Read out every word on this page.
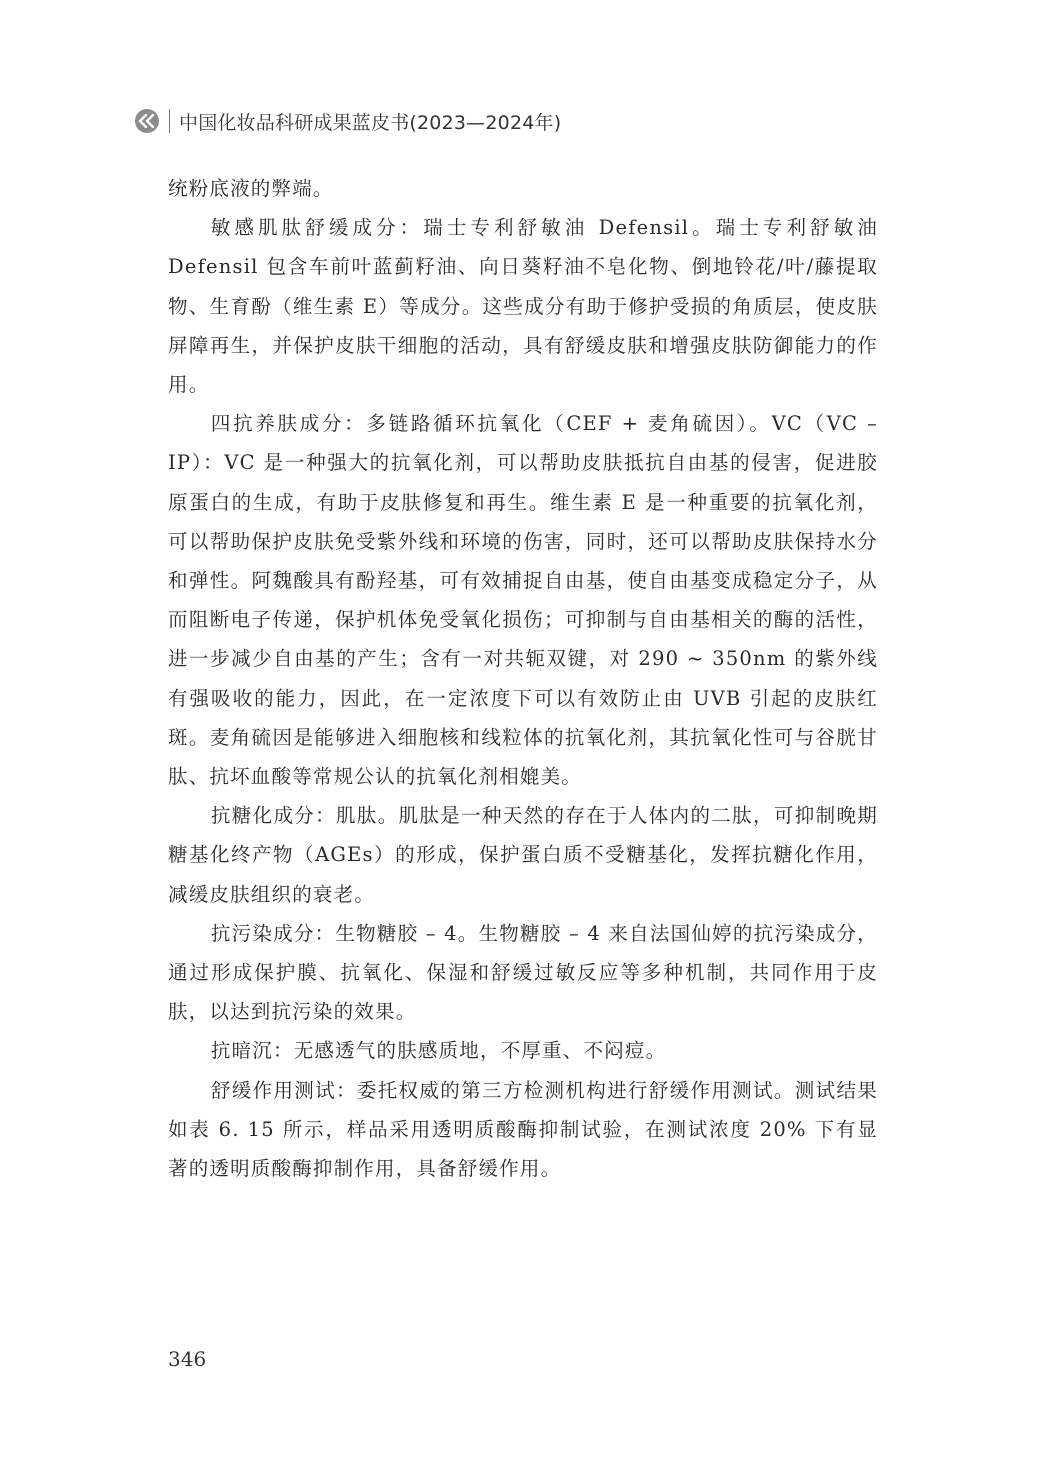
中国化妆品科研成果蓝皮书(2023—2024年)

统粉底液的弊端。

敏感肌肽舒缓成分：瑞士专利舒敏油 Defensil。瑞士专利舒敏油 Defensil 包含车前叶蓝蓟籽油、向日葵籽油不皂化物、倒地铃花/叶/藤提取物、生育酚（维生素 E）等成分。这些成分有助于修护受损的角质层，使皮肤屏障再生，并保护皮肤干细胞的活动，具有舒缓皮肤和增强皮肤防御能力的作用。

四抗养肤成分：多链路循环抗氧化（CEF + 麦角硫因）。VC（VC – IP）：VC 是一种强大的抗氧化剂，可以帮助皮肤抵抗自由基的侵害，促进胶原蛋白的生成，有助于皮肤修复和再生。维生素 E 是一种重要的抗氧化剂，可以帮助保护皮肤免受紫外线和环境的伤害，同时，还可以帮助皮肤保持水分和弹性。阿魏酸具有酚羟基，可有效捕捉自由基，使自由基变成稳定分子，从而阻断电子传递，保护机体免受氧化损伤；可抑制与自由基相关的酶的活性，进一步减少自由基的产生；含有一对共轭双键，对 290 ~ 350nm 的紫外线有强吸收的能力，因此，在一定浓度下可以有效防止由 UVB 引起的皮肤红斑。麦角硫因是能够进入细胞核和线粒体的抗氧化剂，其抗氧化性可与谷胱甘肽、抗坏血酸等常规公认的抗氧化剂相媲美。

抗糖化成分：肌肽。肌肽是一种天然的存在于人体内的二肽，可抑制晚期糖基化终产物（AGEs）的形成，保护蛋白质不受糖基化，发挥抗糖化作用，减缓皮肤组织的衰老。

抗污染成分：生物糖胶 – 4。生物糖胶 – 4 来自法国仙婷的抗污染成分，通过形成保护膜、抗氧化、保湿和舒缓过敏反应等多种机制，共同作用于皮肤，以达到抗污染的效果。

抗暗沉：无感透气的肤感质地，不厚重、不闷痘。

舒缓作用测试：委托权威的第三方检测机构进行舒缓作用测试。测试结果如表 6. 15 所示，样品采用透明质酸酶抑制试验，在测试浓度 20% 下有显著的透明质酸酶抑制作用，具备舒缓作用。

346
